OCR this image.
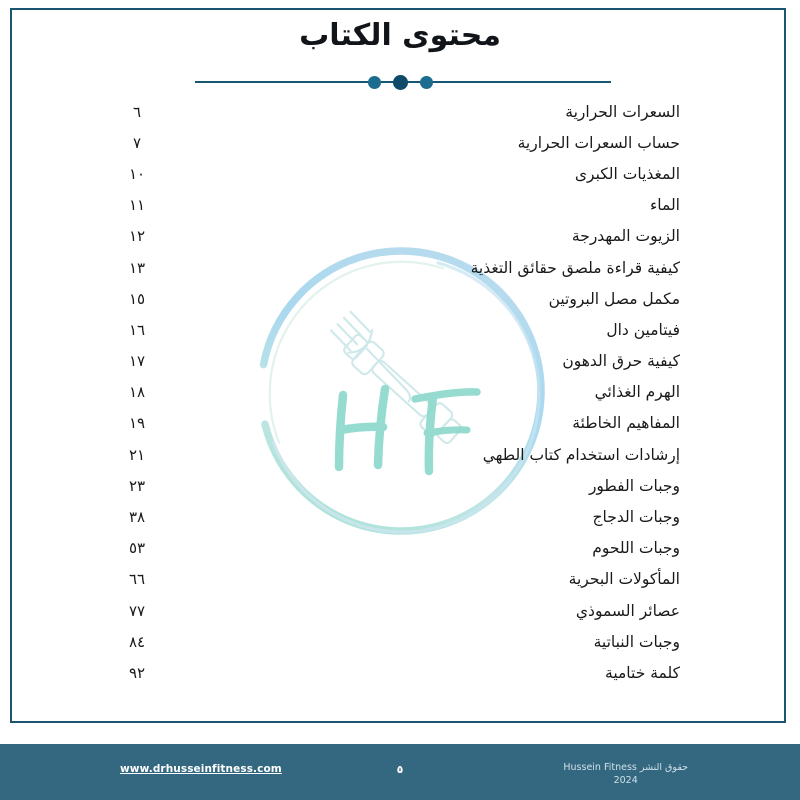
محتوى الكتاب
السعرات الحرارية
٦
حساب السعرات الحرارية
٧
المغذيات الكبرى
١٠
الماء
١١
الزيوت المهدرجة
١٢
كيفية قراءة ملصق حقائق التغذية
١٣
مكمل مصل البروتين
١٥
فيتامين دال
١٦
كيفية حرق الدهون
١٧
الهرم الغذائي
١٨
المفاهيم الخاطئة
١٩
إرشادات استخدام كتاب الطهي
٢١
وجبات الفطور
٢٣
وجبات الدجاج
٣٨
وجبات اللحوم
٥٣
المأكولات البحرية
٦٦
عصائر السموذي
٧٧
وجبات النباتية
٨٤
كلمة ختامية
٩٢
www.drhusseinfitness.com	٥	حقوق النشر Hussein Fitness
2024
